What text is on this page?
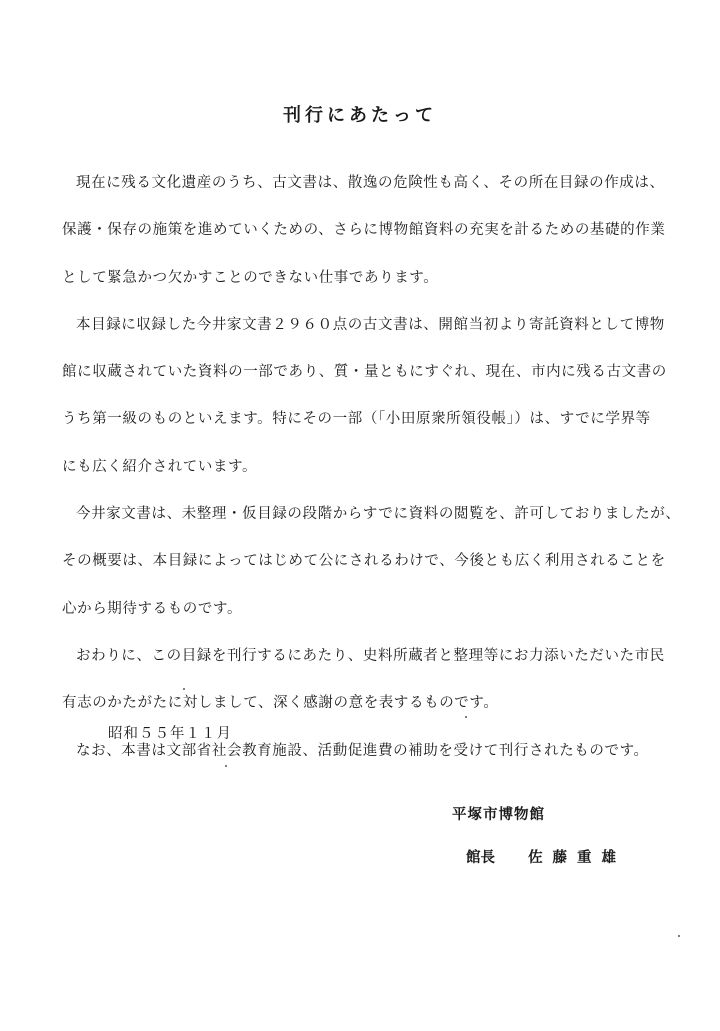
刊行にあたって
現在に残る文化遺産のうち、古文書は、散逸の危険性も高く、その所在目録の作成は、
保護・保存の施策を進めていくための、さらに博物館資料の充実を計るための基礎的作業
として緊急かつ欠かすことのできない仕事であります。
本目録に収録した今井家文書２９６０点の古文書は、開館当初より寄託資料として博物
館に収蔵されていた資料の一部であり、質・量ともにすぐれ、現在、市内に残る古文書の
うち第一級のものといえます。特にその一部（「小田原衆所領役帳」）は、すでに学界等
にも広く紹介されています。
今井家文書は、未整理・仮目録の段階からすでに資料の閲覧を、許可しておりましたが、
その概要は、本目録によってはじめて公にされるわけで、今後とも広く利用されることを
心から期待するものです。
おわりに、この目録を刊行するにあたり、史料所蔵者と整理等にお力添いただいた市民
有志のかたがたに対しまして、深く感謝の意を表するものです。
なお、本書は文部省社会教育施設、活動促進費の補助を受けて刊行されたものです。
昭和５５年１１月
平塚市博物館
館長 佐藤重雄
